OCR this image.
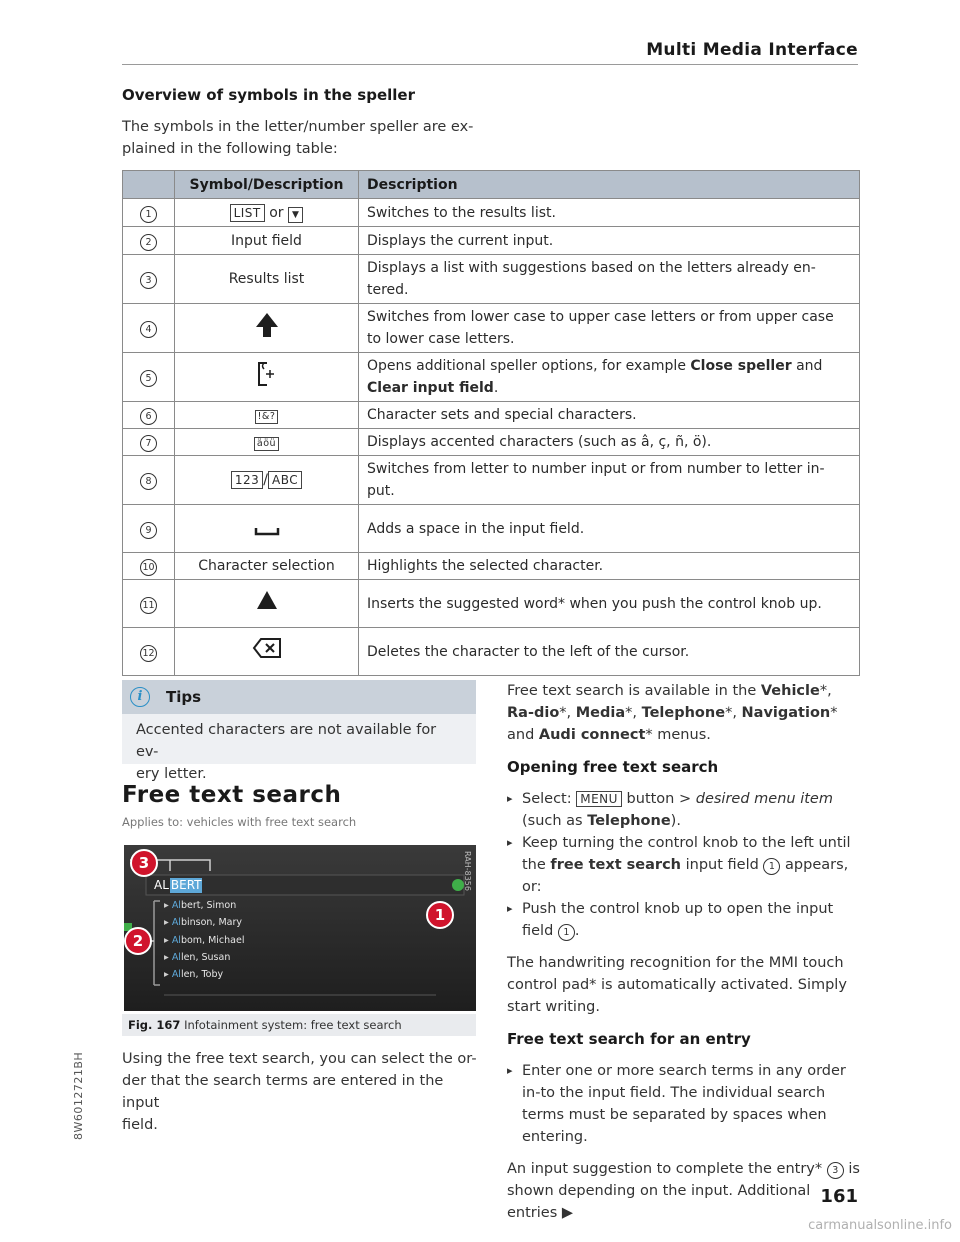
Multi Media Interface
Overview of symbols in the speller
The symbols in the letter/number speller are ex-
plained in the following table:
	Symbol/Description	Description
1	LIST or ▼	Switches to the results list.
2	Input field	Displays the current input.
3	Results list	Displays a list with suggestions based on the letters already en-tered.
4		Switches from lower case to upper case letters or from upper case to lower case letters.
5		Opens additional speller options, for example Close speller and Clear input field.
6	!&?	Character sets and special characters.
7	äöü	Displays accented characters (such as â, ç, ñ, ö).
8	123 / ABC	Switches from letter to number input or from number to letter in-put.
9		Adds a space in the input field.
10	Character selection	Highlights the selected character.
11		Inserts the suggested word* when you push the control knob up.
12		Deletes the character to the left of the cursor.
i	Tips
Accented characters are not available for ev-
ery letter.
Free text search
Applies to: vehicles with free text search
3
2
1
AL BERT	RAH-8356
▸ Albert, Simon
▸ Albinson, Mary
▸ Albom, Michael
▸ Allen, Susan
▸ Allen, Toby
Fig. 167 Infotainment system: free text search
Using the free text search, you can select the or-
der that the search terms are entered in the input
field.

Free text search is available in the Vehicle*, Ra-dio*, Media*, Telephone*, Navigation* and Audi connect* menus.

Opening free text search
▸ Select: MENU button > desired menu item
(such as Telephone).
▸ Keep turning the control knob to the left until the free text search input field 1 appears, or:
▸ Push the control knob up to open the input field 1 .

The handwriting recognition for the MMI touch control pad* is automatically activated. Simply start writing.

Free text search for an entry
▸ Enter one or more search terms in any order in-to the input field. The individual search terms must be separated by spaces when entering.

An input suggestion to complete the entry* 3 is shown depending on the input. Additional entries ▶

8W6012721BH
161
carmanualsonline.info
